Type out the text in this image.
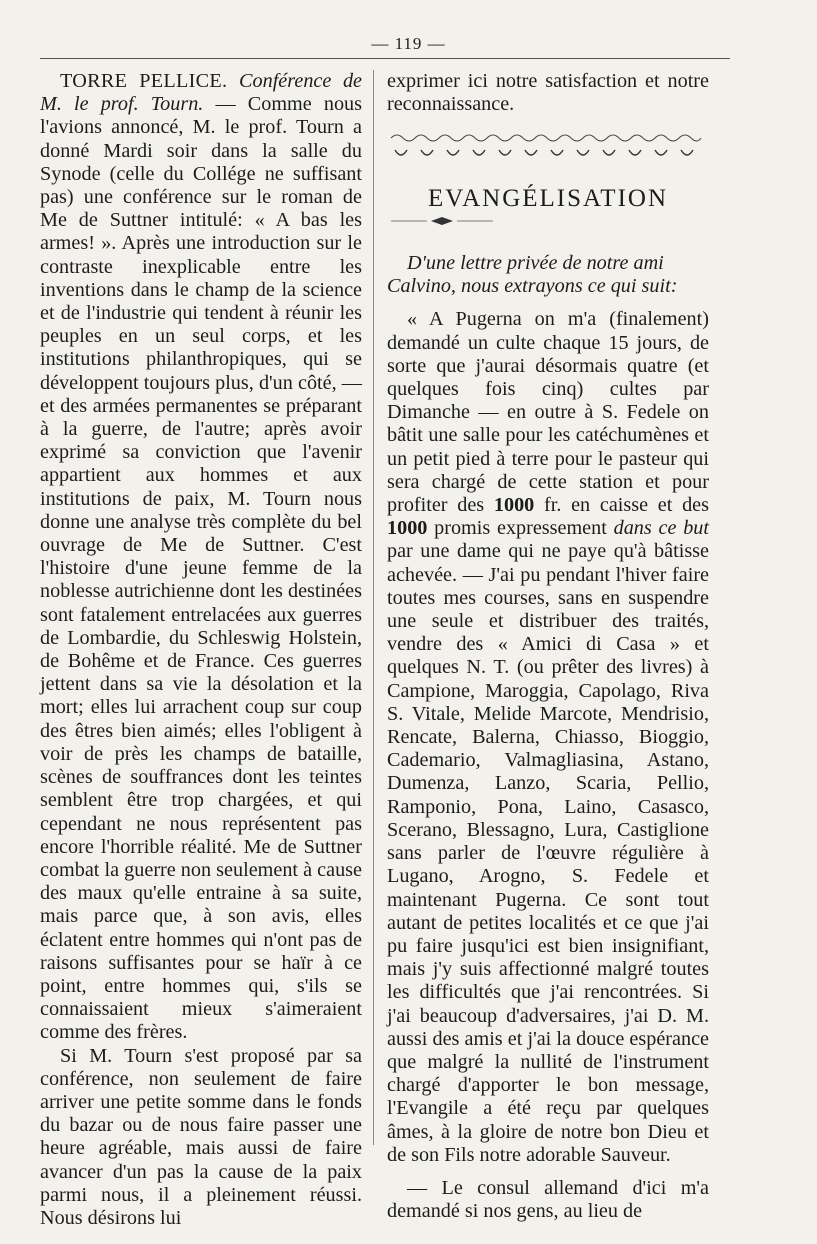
— 119 —

TORRE PELLICE. Conférence de M. le prof. Tourn. — Comme nous l'avions annoncé, M. le prof. Tourn a donné Mardi soir dans la salle du Synode (celle du Collége ne suffisant pas) une conférence sur le roman de Me de Suttner intitulé: « A bas les armes! ». Après une introduction sur le contraste inexplicable entre les inventions dans le champ de la science et de l'industrie qui tendent à réunir les peuples en un seul corps, et les institutions philanthropiques, qui se développent toujours plus, d'un côté, — et des armées permanentes se préparant à la guerre, de l'autre; après avoir exprimé sa conviction que l'avenir appartient aux hommes et aux institutions de paix, M. Tourn nous donne une analyse très complète du bel ouvrage de Me de Suttner. C'est l'histoire d'une jeune femme de la noblesse autrichienne dont les destinées sont fatalement entrelacées aux guerres de Lombardie, du Schleswig Holstein, de Bohême et de France. Ces guerres jettent dans sa vie la désolation et la mort; elles lui arrachent coup sur coup des êtres bien aimés; elles l'obligent à voir de près les champs de bataille, scènes de souffrances dont les teintes semblent être trop chargées, et qui cependant ne nous représentent pas encore l'horrible réalité. Me de Suttner combat la guerre non seulement à cause des maux qu'elle entraine à sa suite, mais parce que, à son avis, elles éclatent entre hommes qui n'ont pas de raisons suffisantes pour se haïr à ce point, entre hommes qui, s'ils se connaissaient mieux s'aimeraient comme des frères.

Si M. Tourn s'est proposé par sa conférence, non seulement de faire arriver une petite somme dans le fonds du bazar ou de nous faire passer une heure agréable, mais aussi de faire avancer d'un pas la cause de la paix parmi nous, il a pleinement réussi. Nous désirons lui

exprimer ici notre satisfaction et notre reconnaissance.

EVANGÉLISATION

D'une lettre privée de notre ami Calvino, nous extrayons ce qui suit:

« A Pugerna on m'a (finalement) demandé un culte chaque 15 jours, de sorte que j'aurai désormais quatre (et quelques fois cinq) cultes par Dimanche — en outre à S. Fedele on bâtit une salle pour les catéchumènes et un petit pied à terre pour le pasteur qui sera chargé de cette station et pour profiter des 1000 fr. en caisse et des 1000 promis expressement dans ce but par une dame qui ne paye qu'à bâtisse achevée. — J'ai pu pendant l'hiver faire toutes mes courses, sans en suspendre une seule et distribuer des traités, vendre des « Amici di Casa » et quelques N. T. (ou prêter des livres) à Campione, Maroggia, Capolago, Riva S. Vitale, Melide Marcote, Mendrisio, Rencate, Balerna, Chiasso, Bioggio, Cademario, Valmagliasina, Astano, Dumenza, Lanzo, Scaria, Pellio, Ramponio, Pona, Laino, Casasco, Scerano, Blessagno, Lura, Castiglione sans parler de l'œuvre régulière à Lugano, Arogno, S. Fedele et maintenant Pugerna. Ce sont tout autant de petites localités et ce que j'ai pu faire jusqu'ici est bien insignifiant, mais j'y suis affectionné malgré toutes les difficultés que j'ai rencontrées. Si j'ai beaucoup d'adversaires, j'ai D. M. aussi des amis et j'ai la douce espérance que malgré la nullité de l'instrument chargé d'apporter le bon message, l'Evangile a été reçu par quelques âmes, à la gloire de notre bon Dieu et de son Fils notre adorable Sauveur.

— Le consul allemand d'ici m'a demandé si nos gens, au lieu de
